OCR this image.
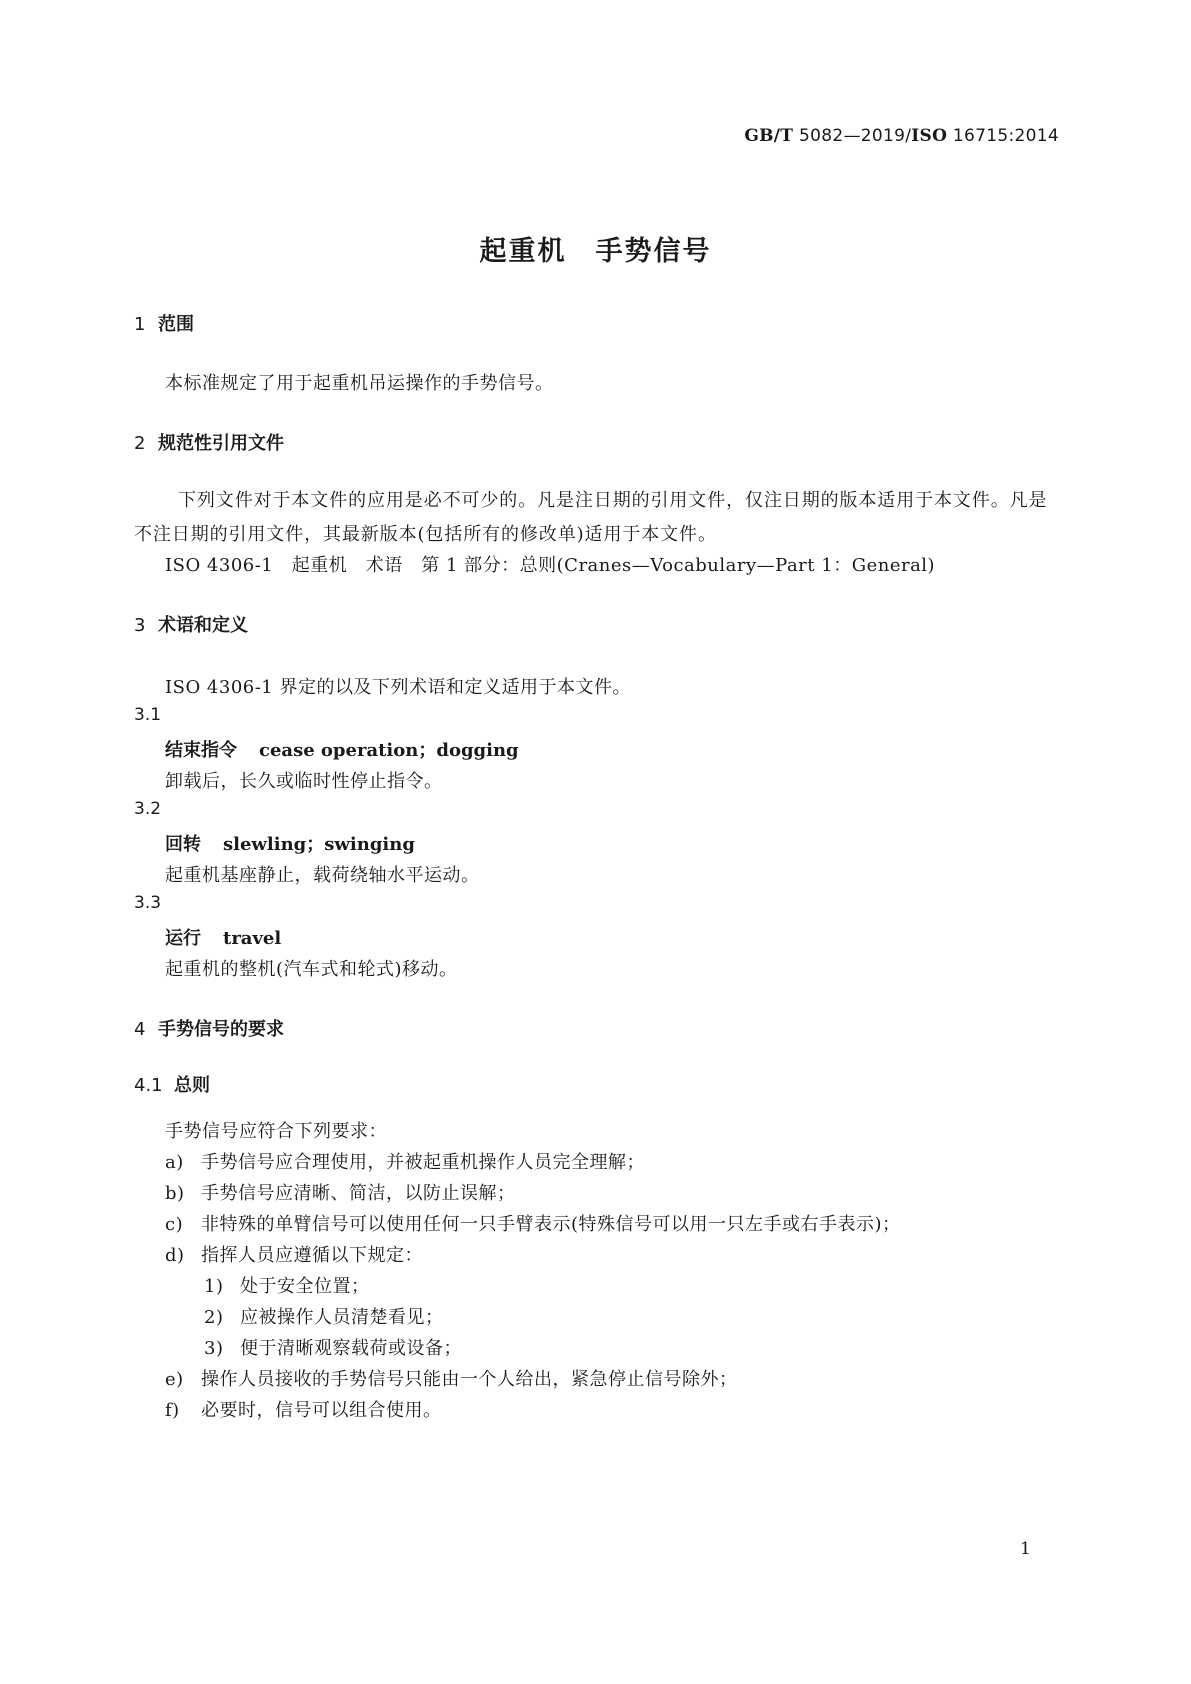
GB/T 5082—2019/ISO 16715:2014
起重机　手势信号
1 范围
本标准规定了用于起重机吊运操作的手势信号。
2 规范性引用文件
下列文件对于本文件的应用是必不可少的。凡是注日期的引用文件，仅注日期的版本适用于本文件。凡是不注日期的引用文件，其最新版本(包括所有的修改单)适用于本文件。
ISO 4306-1　起重机　术语　第 1 部分：总则(Cranes—Vocabulary—Part 1：General)
3 术语和定义
ISO 4306-1 界定的以及下列术语和定义适用于本文件。
3.1
结束指令 cease operation；dogging
卸载后，长久或临时性停止指令。
3.2
回转 slewling；swinging
起重机基座静止，载荷绕轴水平运动。
3.3
运行 travel
起重机的整机(汽车式和轮式)移动。
4 手势信号的要求
4.1 总则
手势信号应符合下列要求：
a) 手势信号应合理使用，并被起重机操作人员完全理解；
b) 手势信号应清晰、简洁，以防止误解；
c) 非特殊的单臂信号可以使用任何一只手臂表示(特殊信号可以用一只左手或右手表示)；
d) 指挥人员应遵循以下规定：
1) 处于安全位置；
2) 应被操作人员清楚看见；
3) 便于清晰观察载荷或设备；
e) 操作人员接收的手势信号只能由一个人给出，紧急停止信号除外；
f) 必要时，信号可以组合使用。
1
